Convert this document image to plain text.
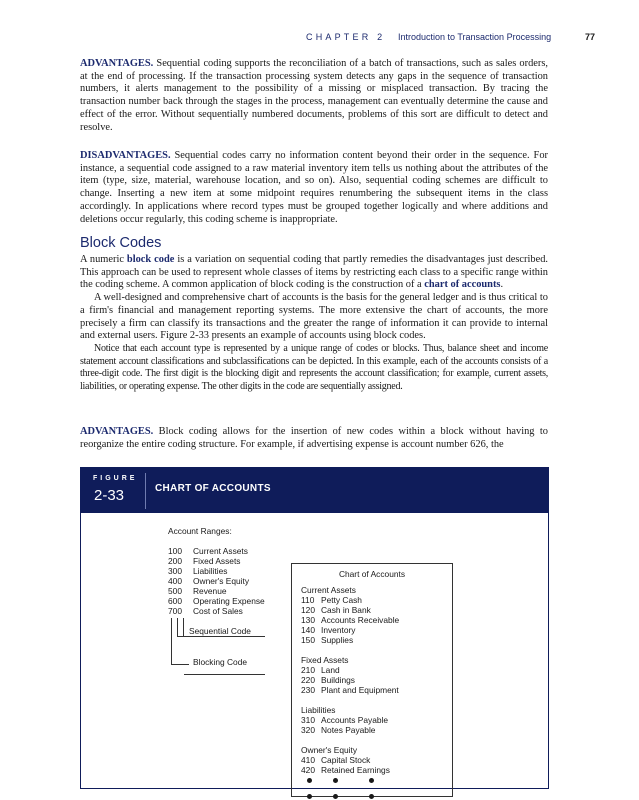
CHAPTER 2 Introduction to Transaction Processing	77

ADVANTAGES. Sequential coding supports the reconciliation of a batch of transactions, such as sales orders, at the end of processing. If the transaction processing system detects any gaps in the sequence of transaction numbers, it alerts management to the possibility of a missing or misplaced transaction. By tracing the transaction number back through the stages in the process, management can eventually determine the cause and effect of the error. Without sequentially numbered documents, problems of this sort are difficult to detect and resolve.

DISADVANTAGES. Sequential codes carry no information content beyond their order in the sequence. For instance, a sequential code assigned to a raw material inventory item tells us nothing about the attributes of the item (type, size, material, warehouse location, and so on). Also, sequential coding schemes are difficult to change. Inserting a new item at some midpoint requires renumbering the subsequent items in the class accordingly. In applications where record types must be grouped together logically and where additions and deletions occur regularly, this coding scheme is inappropriate.

Block Codes

A numeric block code is a variation on sequential coding that partly remedies the disadvantages just described. This approach can be used to represent whole classes of items by restricting each class to a specific range within the coding scheme. A common application of block coding is the construction of a chart of accounts.

A well-designed and comprehensive chart of accounts is the basis for the general ledger and is thus critical to a firm's financial and management reporting systems. The more extensive the chart of accounts, the more precisely a firm can classify its transactions and the greater the range of information it can provide to internal and external users. Figure 2-33 presents an example of accounts using block codes.

Notice that each account type is represented by a unique range of codes or blocks. Thus, balance sheet and income statement account classifications and subclassifications can be depicted. In this example, each of the accounts consists of a three-digit code. The first digit is the blocking digit and represents the account classification; for example, current assets, liabilities, or operating expense. The other digits in the code are sequentially assigned.

ADVANTAGES. Block coding allows for the insertion of new codes within a block without having to reorganize the entire coding structure. For example, if advertising expense is account number 626, the

FIGURE
2-33	CHART OF ACCOUNTS
Account Ranges:
100 Current Assets
200 Fixed Assets
300 Liabilities
400 Owner's Equity
500 Revenue
600 Operating Expense
700 Cost of Sales
Sequential Code
Blocking Code
Chart of Accounts
Current Assets
110 Petty Cash
120 Cash in Bank
130 Accounts Receivable
140 Inventory
150 Supplies
Fixed Assets
210 Land
220 Buildings
230 Plant and Equipment
Liabilities
310 Accounts Payable
320 Notes Payable
Owner's Equity
410 Capital Stock
420 Retained Earnings
